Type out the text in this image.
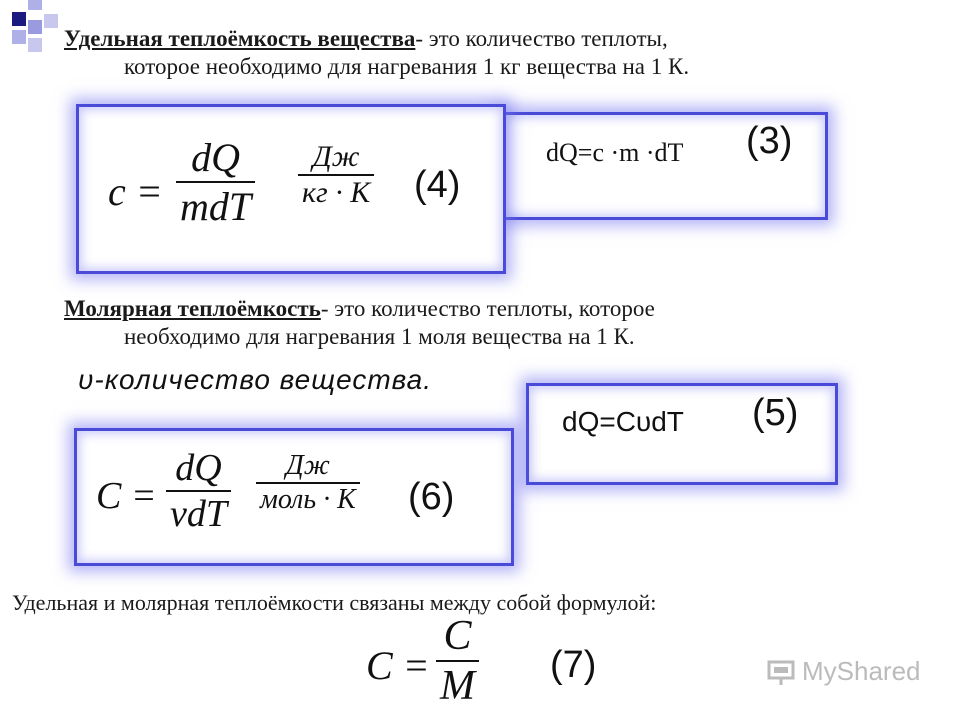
Удельная теплоёмкость вещества- это количество теплоты,
которое необходимо для нагревания 1 кг вещества на 1 К.
dQ=c ·m ·dT (3)
c =
dQ
mdT
Дж
кг · К (4)
Молярная теплоёмкость- это количество теплоты, которое
необходимо для нагревания 1 моля вещества на 1 К.
υ-количество вещества.
dQ=CυdT (5)
C =
dQ
νdT
Дж
моль · К (6)
Удельная и молярная теплоёмкости связаны между собой формулой:
C =
C
M (7)	MyShared
